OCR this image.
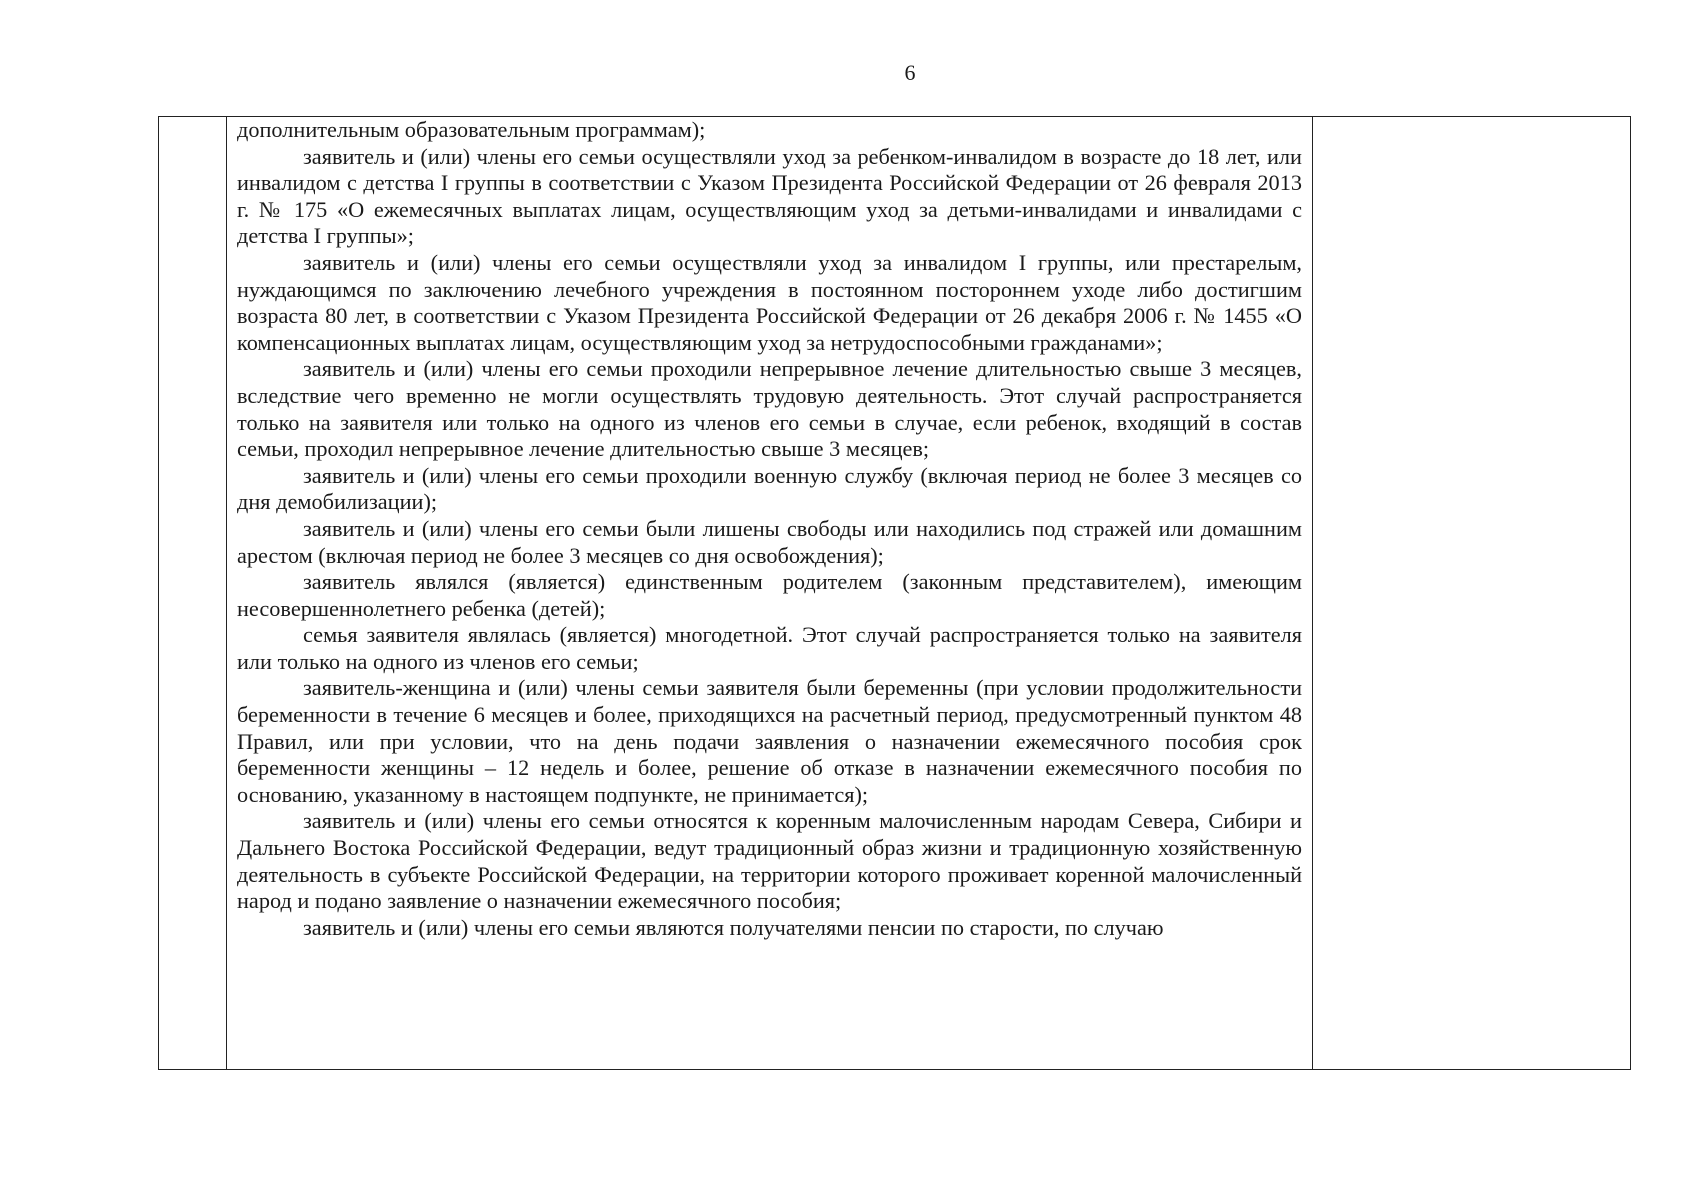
6

дополнительным образовательным программам);

заявитель и (или) члены его семьи осуществляли уход за ребенком-инвалидом в возрасте до 18 лет, или инвалидом с детства I группы в соответствии с Указом Президента Российской Федерации от 26 февраля 2013 г. № 175 «О ежемесячных выплатах лицам, осуществляющим уход за детьми-инвалидами и инвалидами с детства I группы»;

заявитель и (или) члены его семьи осуществляли уход за инвалидом I группы, или престарелым, нуждающимся по заключению лечебного учреждения в постоянном постороннем уходе либо достигшим возраста 80 лет, в соответствии с Указом Президента Российской Федерации от 26 декабря 2006 г. № 1455 «О компенсационных выплатах лицам, осуществляющим уход за нетрудоспособными гражданами»;

заявитель и (или) члены его семьи проходили непрерывное лечение длительностью свыше 3 месяцев, вследствие чего временно не могли осуществлять трудовую деятельность. Этот случай распространяется только на заявителя или только на одного из членов его семьи в случае, если ребенок, входящий в состав семьи, проходил непрерывное лечение длительностью свыше 3 месяцев;

заявитель и (или) члены его семьи проходили военную службу (включая период не более 3 месяцев со дня демобилизации);

заявитель и (или) члены его семьи были лишены свободы или находились под стражей или домашним арестом (включая период не более 3 месяцев со дня освобождения);

заявитель являлся (является) единственным родителем (законным представителем), имеющим несовершеннолетнего ребенка (детей);

семья заявителя являлась (является) многодетной. Этот случай распространяется только на заявителя или только на одного из членов его семьи;

заявитель-женщина и (или) члены семьи заявителя были беременны (при условии продолжительности беременности в течение 6 месяцев и более, приходящихся на расчетный период, предусмотренный пунктом 48 Правил, или при условии, что на день подачи заявления о назначении ежемесячного пособия срок беременности женщины – 12 недель и более, решение об отказе в назначении ежемесячного пособия по основанию, указанному в настоящем подпункте, не принимается);

заявитель и (или) члены его семьи относятся к коренным малочисленным народам Севера, Сибири и Дальнего Востока Российской Федерации, ведут традиционный образ жизни и традиционную хозяйственную деятельность в субъекте Российской Федерации, на территории которого проживает коренной малочисленный народ и подано заявление о назначении ежемесячного пособия;

заявитель и (или) члены его семьи являются получателями пенсии по старости, по случаю
